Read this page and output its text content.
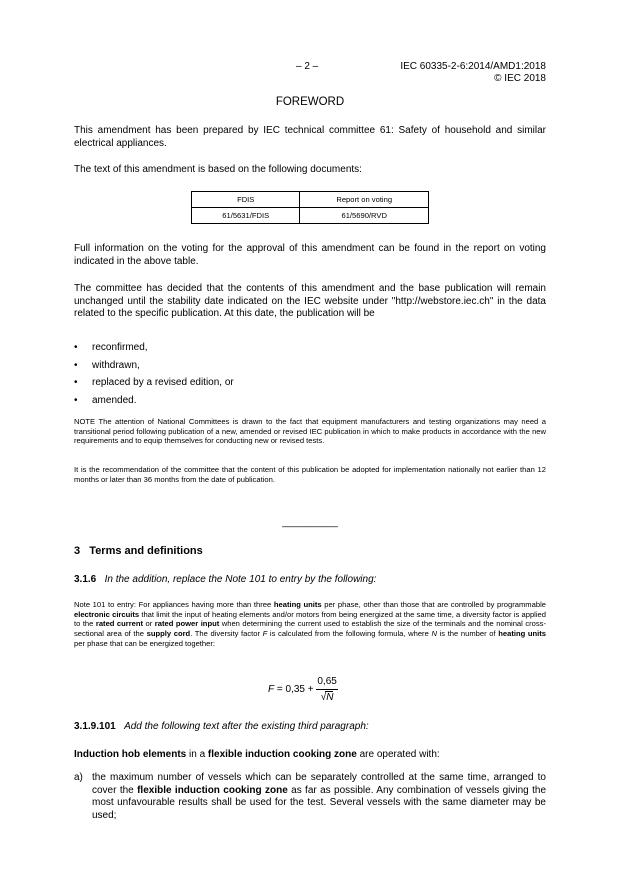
– 2 –	IEC 60335-2-6:2014/AMD1:2018
© IEC 2018
FOREWORD
This amendment has been prepared by IEC technical committee 61: Safety of household and similar electrical appliances.
The text of this amendment is based on the following documents:
FDIS	Report on voting
61/5631/FDIS	61/5690/RVD
Full information on the voting for the approval of this amendment can be found in the report on voting indicated in the above table.
The committee has decided that the contents of this amendment and the base publication will remain unchanged until the stability date indicated on the IEC website under "http://webstore.iec.ch" in the data related to the specific publication. At this date, the publication will be
• reconfirmed,
• withdrawn,
• replaced by a revised edition, or
• amended.
NOTE The attention of National Committees is drawn to the fact that equipment manufacturers and testing organizations may need a transitional period following publication of a new, amended or revised IEC publication in which to make products in accordance with the new requirements and to equip themselves for conducting new or revised tests.
It is the recommendation of the committee that the content of this publication be adopted for implementation nationally not earlier than 12 months or later than 36 months from the date of publication.
__________
3   Terms and definitions
3.1.6 In the addition, replace the Note 101 to entry by the following:
Note 101 to entry: For appliances having more than three heating units per phase, other than those that are controlled by programmable electronic circuits that limit the input of heating elements and/or motors from being energized at the same time, a diversity factor is applied to the rated current or rated power input when determining the current used to establish the size of the terminals and the nominal cross-sectional area of the supply cord. The diversity factor F is calculated from the following formula, where N is the number of heating units per phase that can be energized together:
$F = 0,35 + \frac{0,65}{√N}$
3.1.9.101 Add the following text after the existing third paragraph:
Induction hob elements in a flexible induction cooking zone are operated with:
a) the maximum number of vessels which can be separately controlled at the same time, arranged to cover the flexible induction cooking zone as far as possible. Any combination of vessels giving the most unfavourable results shall be used for the test. Several vessels with the same diameter may be used;
